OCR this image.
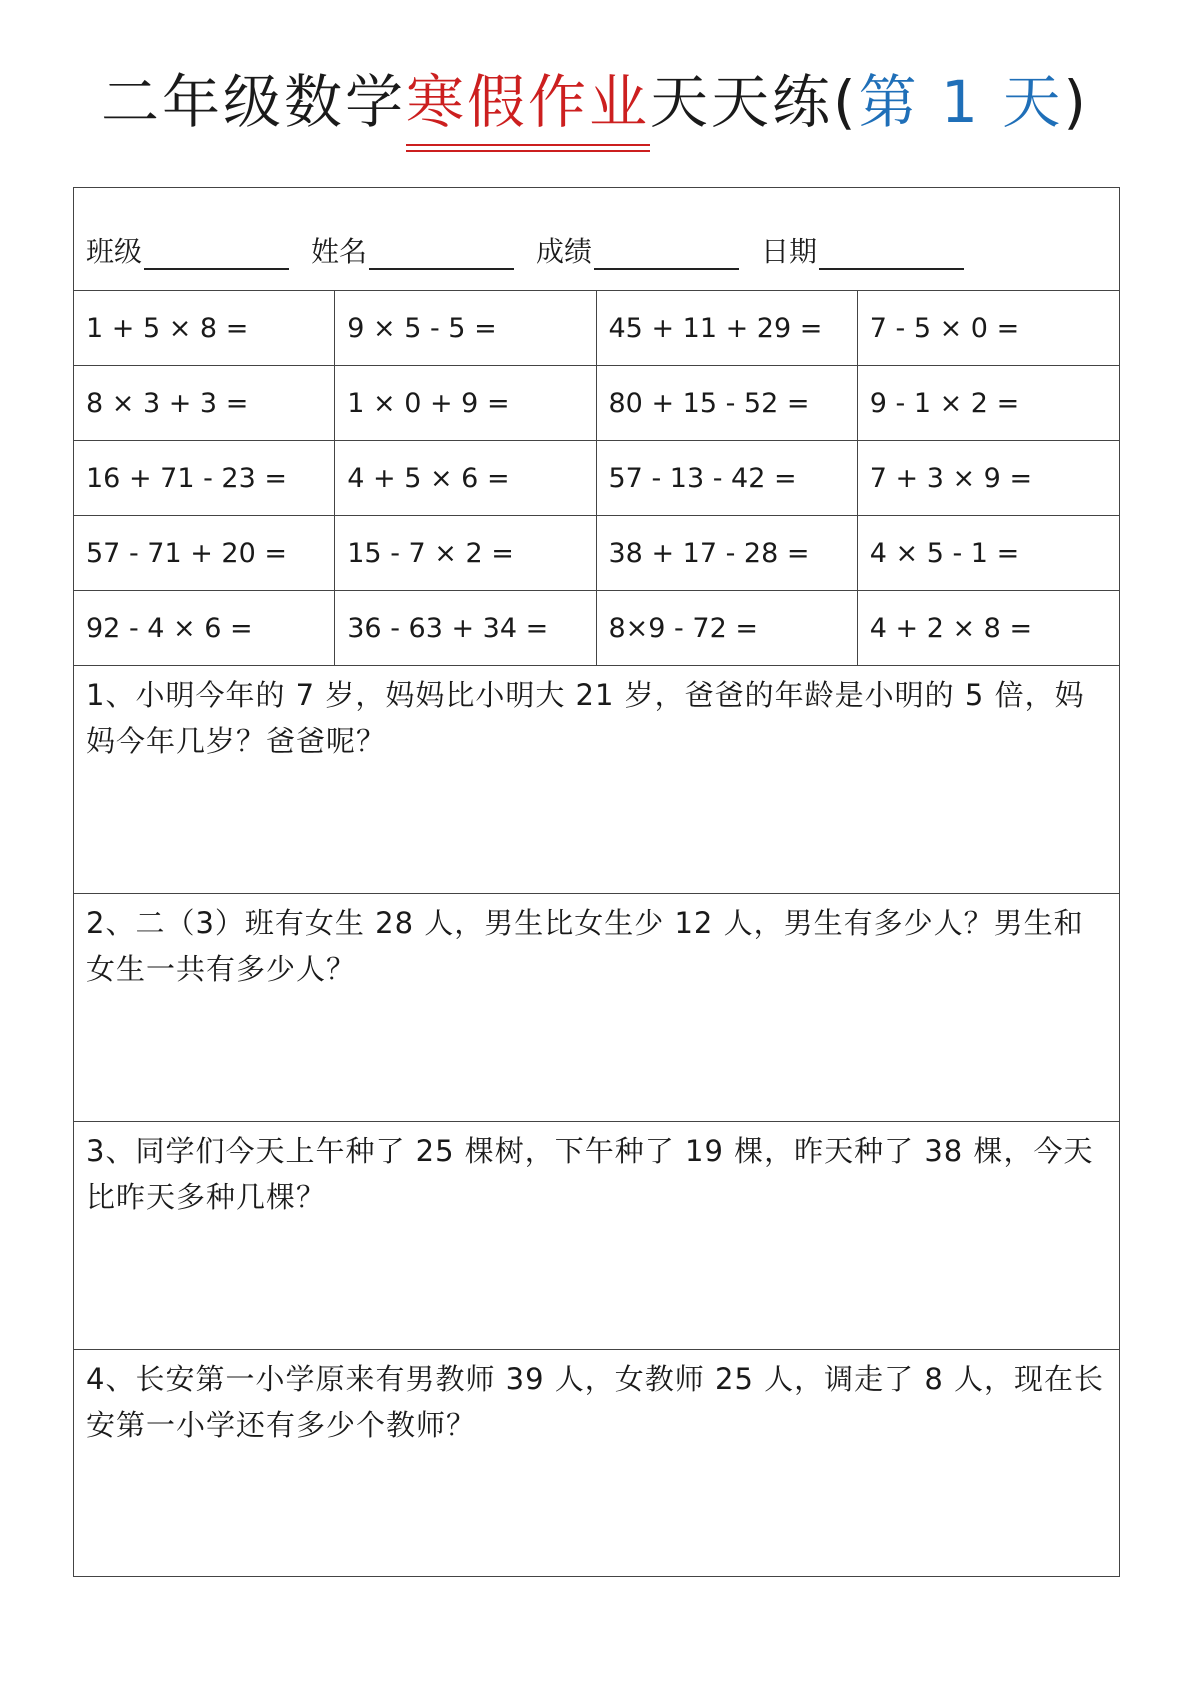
二年级数学寒假作业天天练(第 1 天)
班级	姓名	成绩	日期
1 + 5 × 8 =	9 × 5 - 5 =	45 + 11 + 29 =	7 - 5 × 0 =
8 × 3 + 3 =	1 × 0 + 9 =	80 + 15 - 52 =	9 - 1 × 2 =
16 + 71 - 23 =	4 + 5 × 6 =	57 - 13 - 42 =	7 + 3 × 9 =
57 - 71 + 20 =	15 - 7 × 2 =	38 + 17 - 28 =	4 × 5 - 1 =
92 - 4 × 6 =	36 - 63 + 34 =	8×9 - 72 =	4 + 2 × 8 =
1、小明今年的 7 岁，妈妈比小明大 21 岁，爸爸的年龄是小明的 5 倍，妈妈今年几岁？爸爸呢？
2、二（3）班有女生 28 人，男生比女生少 12 人，男生有多少人？男生和女生一共有多少人？
3、同学们今天上午种了 25 棵树，下午种了 19 棵，昨天种了 38 棵，今天比昨天多种几棵？
4、长安第一小学原来有男教师 39 人，女教师 25 人，调走了 8 人，现在长安第一小学还有多少个教师？
